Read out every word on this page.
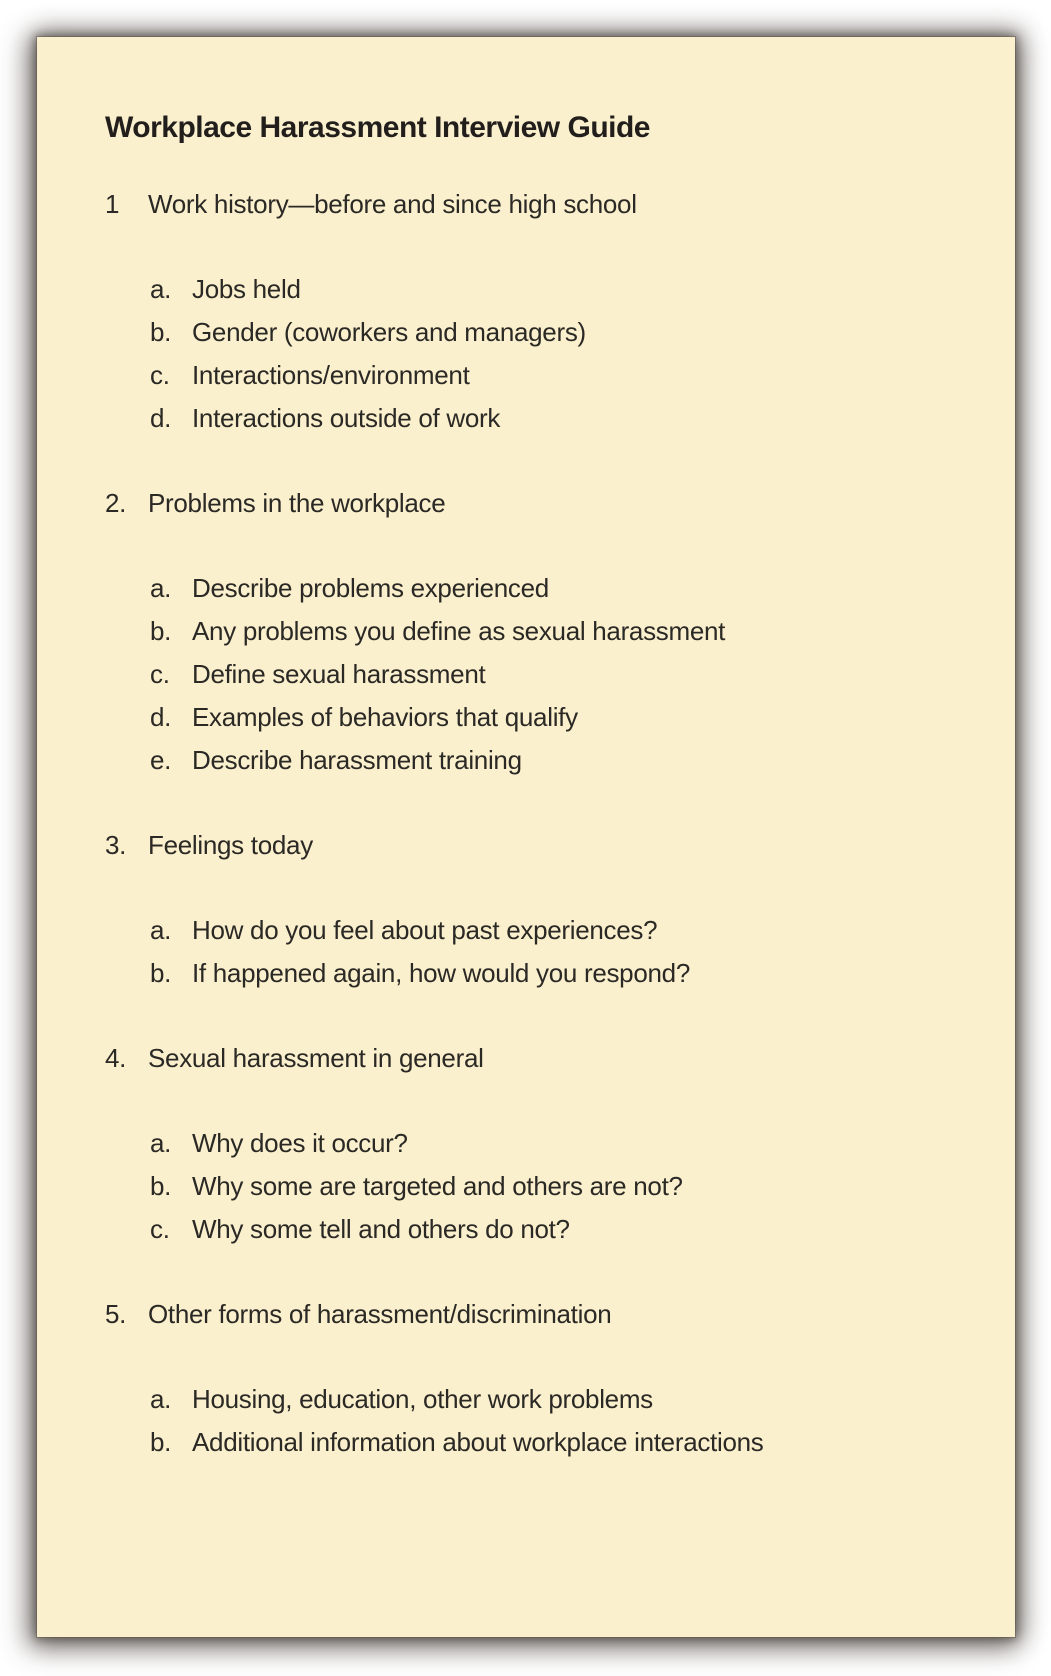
Workplace Harassment Interview Guide
1	Work history—before and since high school
a. Jobs held
b. Gender (coworkers and managers)
c. Interactions/environment
d. Interactions outside of work
2. Problems in the workplace
a. Describe problems experienced
b. Any problems you define as sexual harassment
c. Define sexual harassment
d. Examples of behaviors that qualify
e. Describe harassment training
3. Feelings today
a. How do you feel about past experiences?
b. If happened again, how would you respond?
4. Sexual harassment in general
a. Why does it occur?
b. Why some are targeted and others are not?
c. Why some tell and others do not?
5. Other forms of harassment/discrimination
a. Housing, education, other work problems
b. Additional information about workplace interactions
